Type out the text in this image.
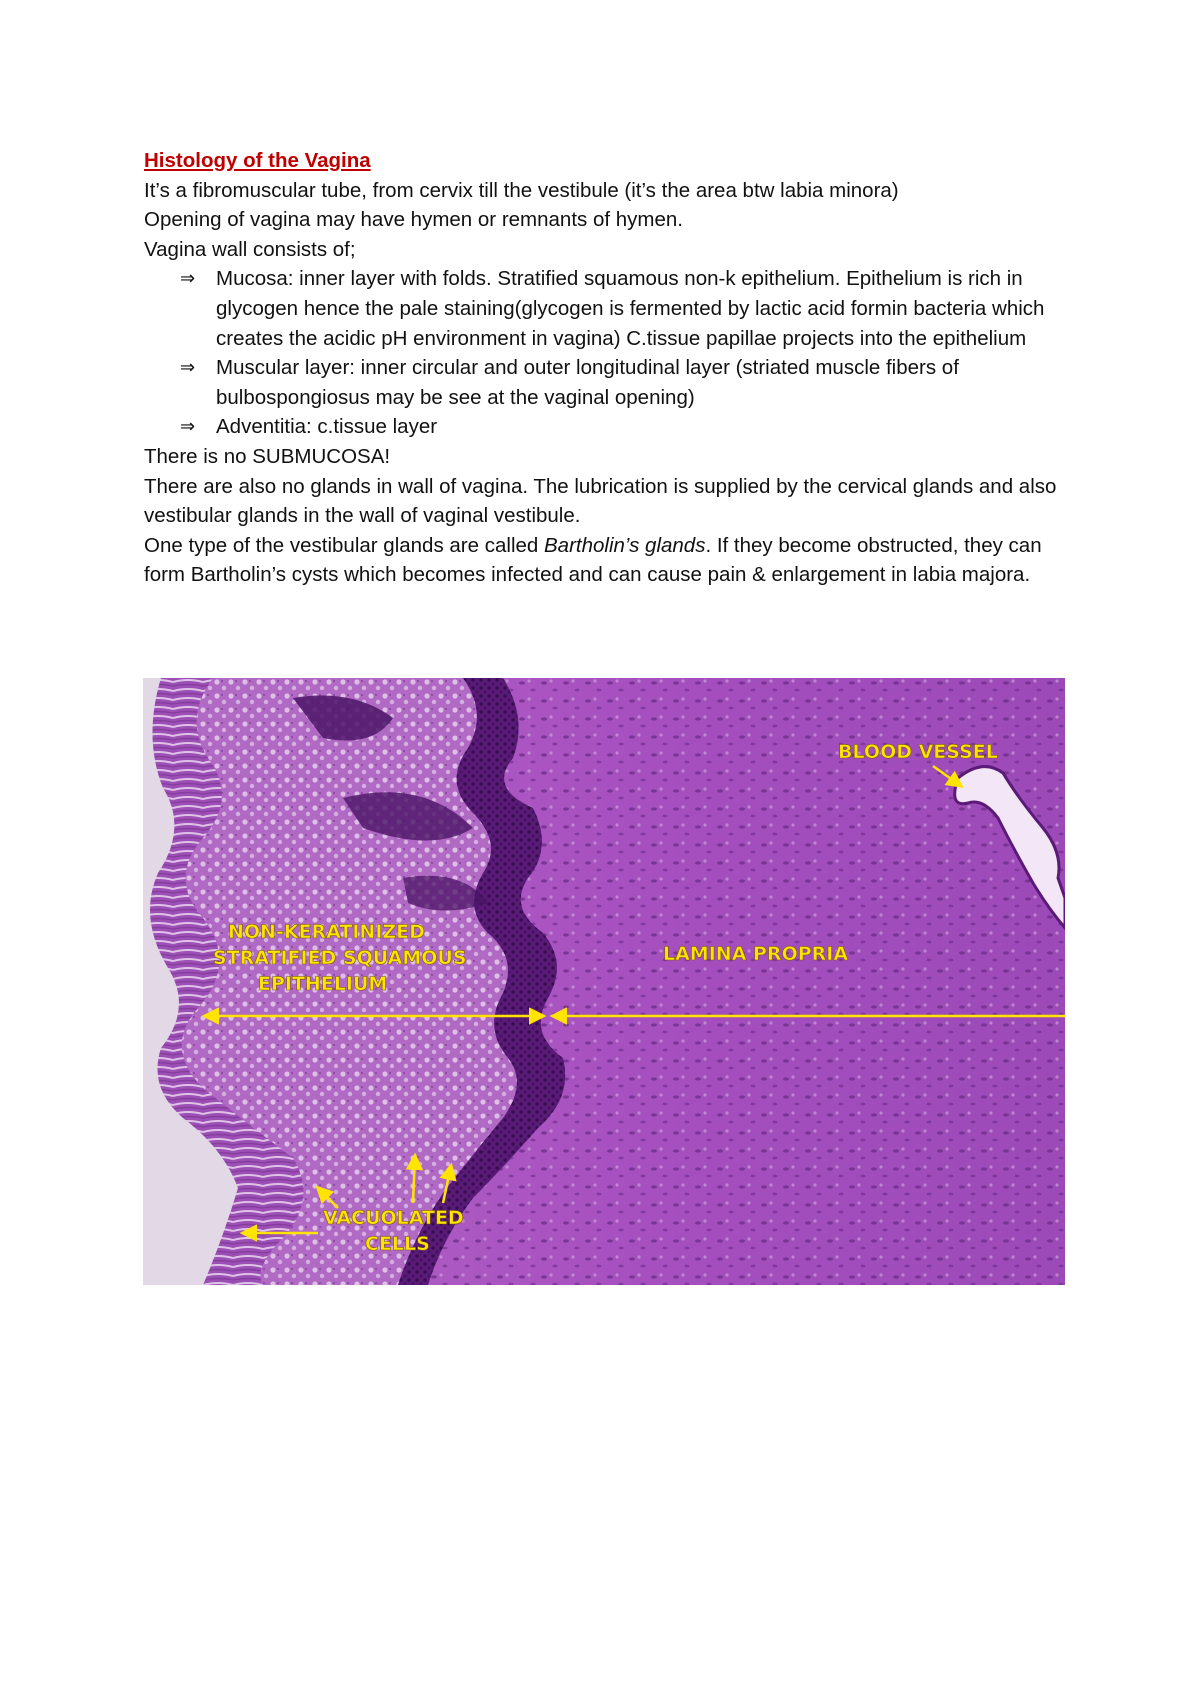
Histology of the Vagina

It’s a fibromuscular tube, from cervix till the vestibule (it’s the area btw labia minora)

Opening of vagina may have hymen or remnants of hymen.

Vagina wall consists of;

⇒ Mucosa: inner layer with folds. Stratified squamous non-k epithelium. Epithelium is rich in glycogen hence the pale staining(glycogen is fermented by lactic acid formin bacteria which creates the acidic pH environment in vagina) C.tissue papillae projects into the epithelium
⇒ Muscular layer: inner circular and outer longitudinal layer (striated muscle fibers of bulbospongiosus may be see at the vaginal opening)
⇒ Adventitia: c.tissue layer

There is no SUBMUCOSA!

There are also no glands in wall of vagina. The lubrication is supplied by the cervical glands and also vestibular glands in the wall of vaginal vestibule.

One type of the vestibular glands are called Bartholin’s glands. If they become obstructed, they can form Bartholin’s cysts which becomes infected and can cause pain & enlargement in labia majora.

BLOOD VESSEL
NON-KERATINIZED
STRATIFIED SQUAMOUS
EPITHELIUM
LAMINA PROPRIA
VACUOLATED
CELLS
